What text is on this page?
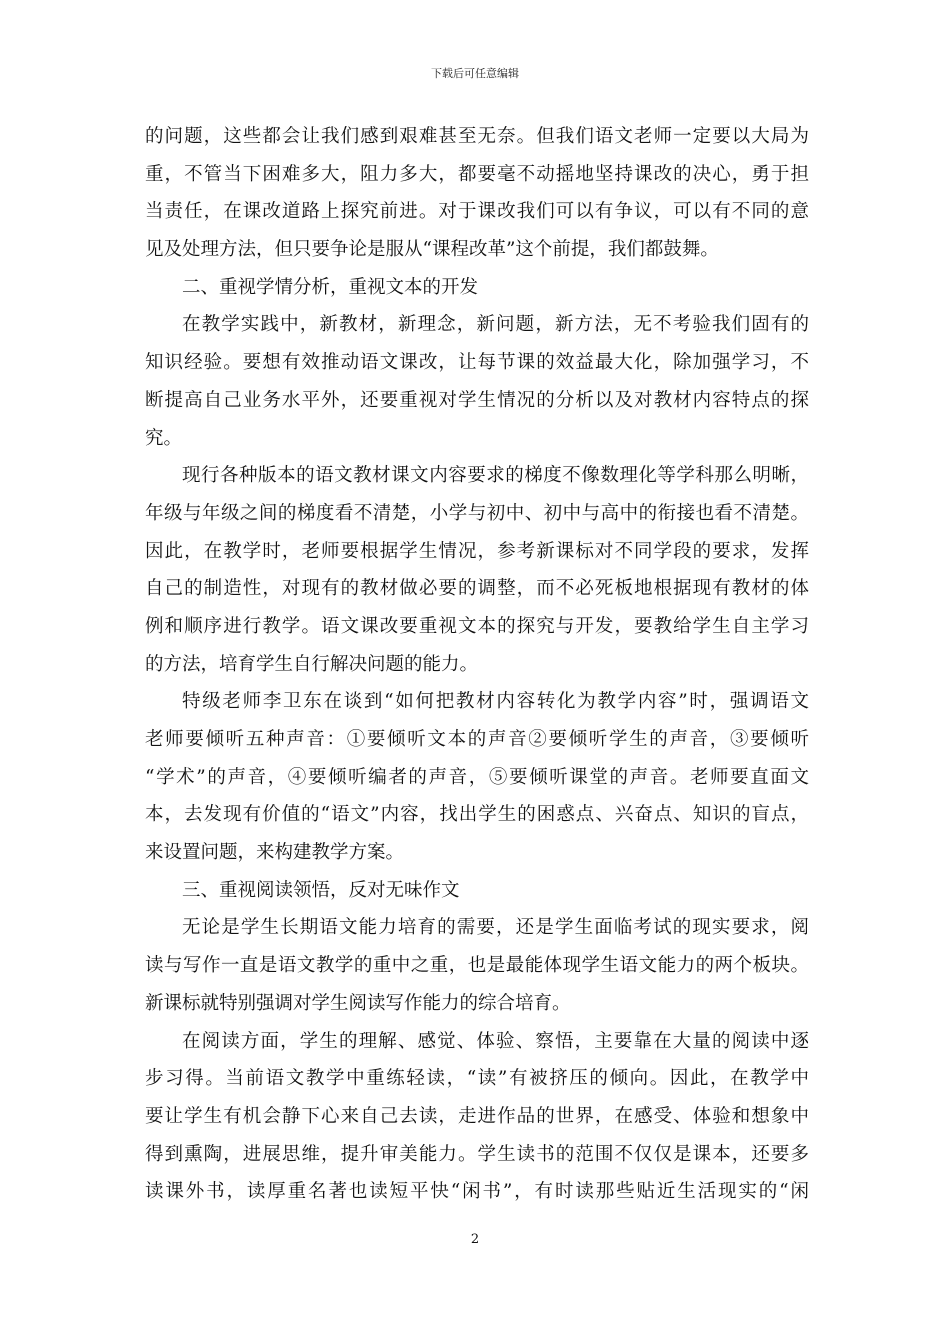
下载后可任意编辑
的问题，这些都会让我们感到艰难甚至无奈。但我们语文老师一定要以大局为
重，不管当下困难多大，阻力多大，都要毫不动摇地坚持课改的决心，勇于担
当责任，在课改道路上探究前进。对于课改我们可以有争议，可以有不同的意
见及处理方法，但只要争论是服从“课程改革”这个前提，我们都鼓舞。
二、重视学情分析，重视文本的开发
在教学实践中，新教材，新理念，新问题，新方法，无不考验我们固有的
知识经验。要想有效推动语文课改，让每节课的效益最大化，除加强学习，不
断提高自己业务水平外，还要重视对学生情况的分析以及对教材内容特点的探
究。
现行各种版本的语文教材课文内容要求的梯度不像数理化等学科那么明晰，
年级与年级之间的梯度看不清楚，小学与初中、初中与高中的衔接也看不清楚。
因此，在教学时，老师要根据学生情况，参考新课标对不同学段的要求，发挥
自己的制造性，对现有的教材做必要的调整，而不必死板地根据现有教材的体
例和顺序进行教学。语文课改要重视文本的探究与开发，要教给学生自主学习
的方法，培育学生自行解决问题的能力。
特级老师李卫东在谈到“如何把教材内容转化为教学内容”时，强调语文
老师要倾听五种声音：①要倾听文本的声音②要倾听学生的声音，③要倾听
“学术”的声音，④要倾听编者的声音，⑤要倾听课堂的声音。老师要直面文
本，去发现有价值的“语文”内容，找出学生的困惑点、兴奋点、知识的盲点，
来设置问题，来构建教学方案。
三、重视阅读领悟，反对无味作文
无论是学生长期语文能力培育的需要，还是学生面临考试的现实要求，阅
读与写作一直是语文教学的重中之重，也是最能体现学生语文能力的两个板块。
新课标就特别强调对学生阅读写作能力的综合培育。
在阅读方面，学生的理解、感觉、体验、察悟，主要靠在大量的阅读中逐
步习得。当前语文教学中重练轻读，“读”有被挤压的倾向。因此，在教学中
要让学生有机会静下心来自己去读，走进作品的世界，在感受、体验和想象中
得到熏陶，进展思维，提升审美能力。学生读书的范围不仅仅是课本，还要多
读课外书，读厚重名著也读短平快“闲书”，有时读那些贴近生活现实的“闲
2
